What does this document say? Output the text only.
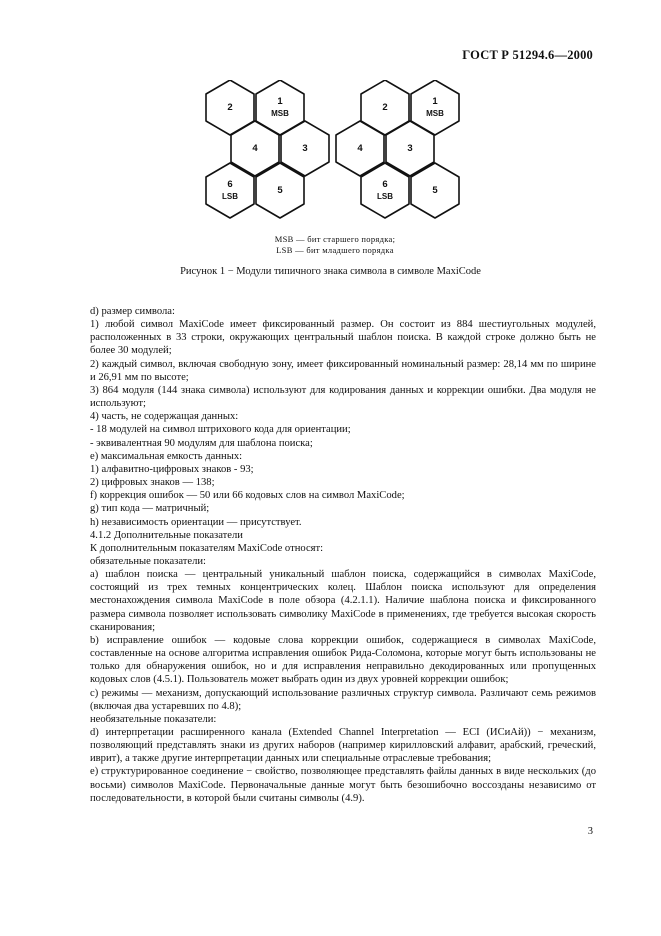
ГОСТ Р 51294.6—2000
2
1
MSB
4	3
6
LSB
5
2
1
MSB
4	3
6
LSB
5
MSB — бит старшего порядка;
LSB — бит младшего порядка
Рисунок 1 − Модули типичного знака символа в символе MaxiCode

d) размер символа:

1) любой символ MaxiCode имеет фиксированный размер. Он состоит из 884 шестиугольных модулей, расположенных в 33 строки, окружающих центральный шаблон поиска. В каждой строке должно быть не более 30 модулей;

2) каждый символ, включая свободную зону, имеет фиксированный номинальный размер: 28,14 мм по ширине и 26,91 мм по высоте;

3) 864 модуля (144 знака символа) используют для кодирования данных и коррекции ошибки. Два модуля не используют;

4) часть, не содержащая данных:

- 18 модулей на символ штрихового кода для ориентации;

- эквивалентная 90 модулям для шаблона поиска;

e) максимальная емкость данных:

1) алфавитно-цифровых знаков - 93;

2) цифровых знаков — 138;

f) коррекция ошибок — 50 или 66 кодовых слов на символ MaxiCode;

g) тип кода — матричный;

h) независимость ориентации — присутствует.

4.1.2 Дополнительные показатели

К дополнительным показателям MaxiCode относят:

обязательные показатели:

a) шаблон поиска — центральный уникальный шаблон поиска, содержащийся в символах MaxiCode, состоящий из трех темных концентрических колец. Шаблон поиска используют для определения местонахождения символа MaxiCode в поле обзора (4.2.1.1). Наличие шаблона поиска и фиксированного размера символа позволяет использовать символику MaxiCode в применениях, где требуется высокая скорость сканирования;

b) исправление ошибок — кодовые слова коррекции ошибок, содержащиеся в символах MaxiCode, составленные на основе алгоритма исправления ошибок Рида-Соломона, которые могут быть использованы не только для обнаружения ошибок, но и для исправления неправильно декодированных или пропущенных кодовых слов (4.5.1). Пользователь может выбрать один из двух уровней коррекции ошибок;

c) режимы — механизм, допускающий использование различных структур символа. Различают семь режимов (включая два устаревших по 4.8);

необязательные показатели:

d) интерпретации расширенного канала (Extended Channel Interpretation — ECI (ИСиАй)) − механизм, позволяющий представлять знаки из других наборов (например кирилловский алфавит, арабский, греческий, иврит), а также другие интерпретации данных или специальные отраслевые требования;

e) структурированное соединение − свойство, позволяющее представлять файлы данных в виде нескольких (до восьми) символов MaxiCode. Первоначальные данные могут быть безошибочно воссозданы независимо от последовательности, в которой были считаны символы (4.9).

3
